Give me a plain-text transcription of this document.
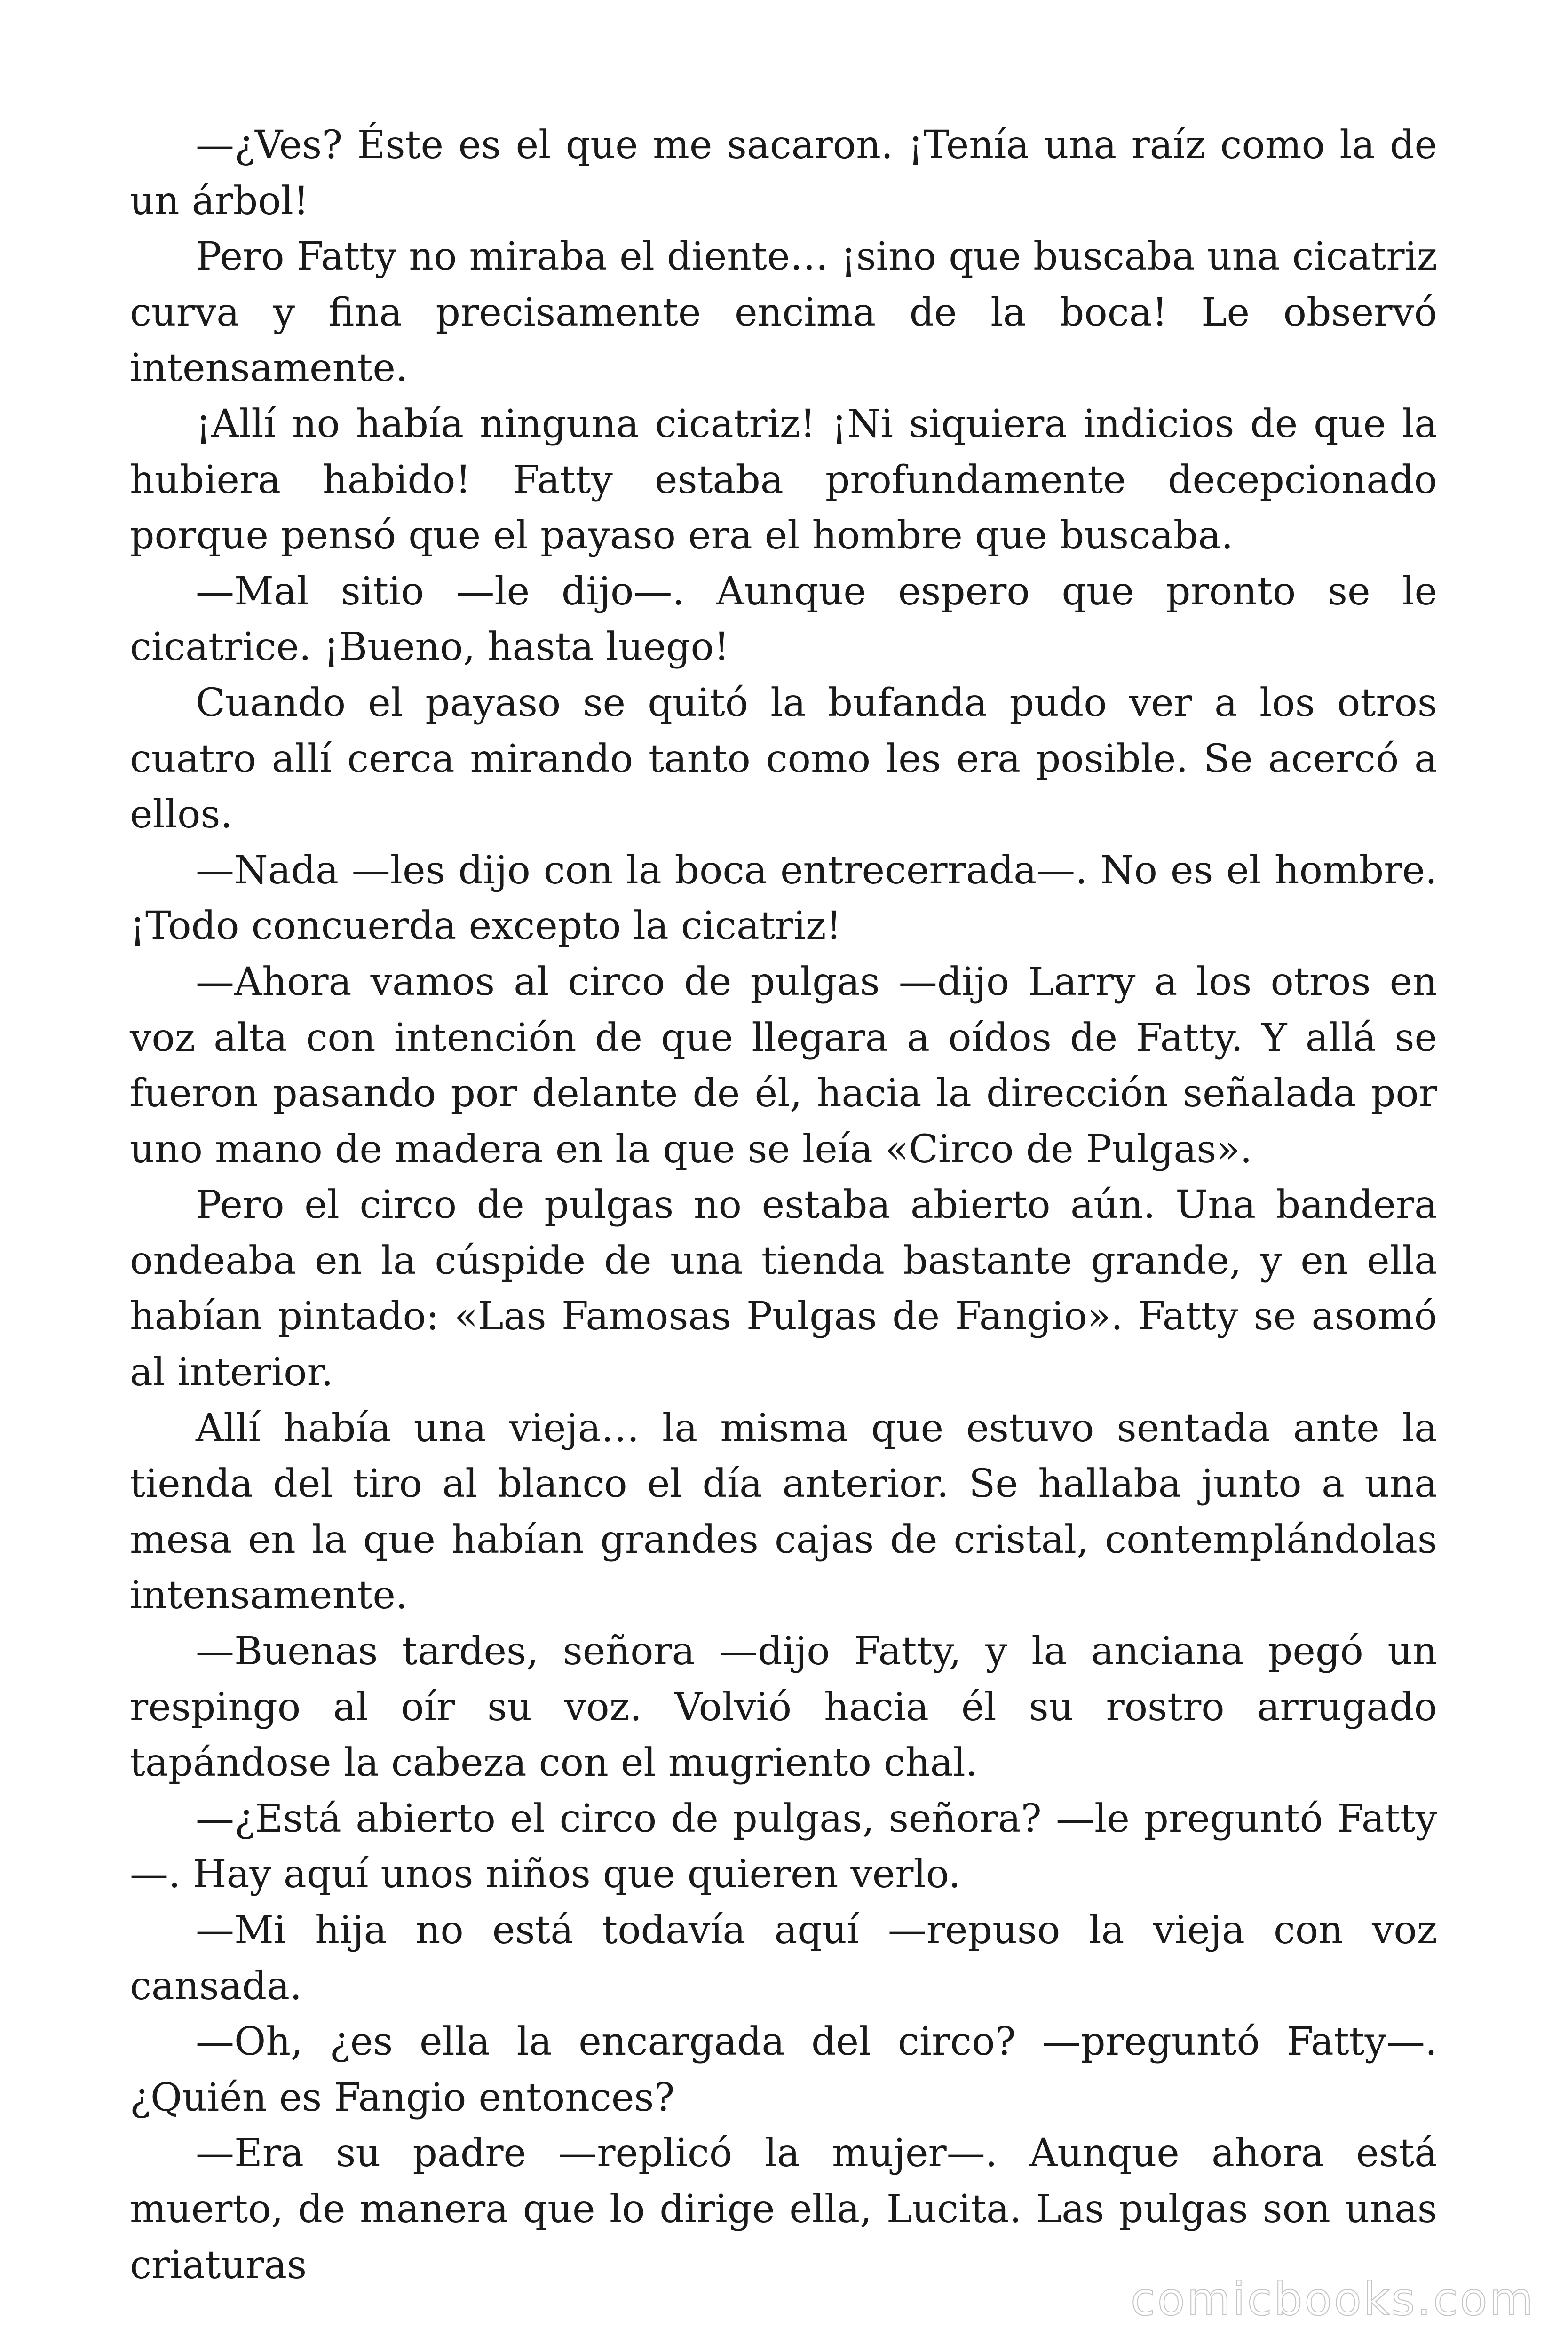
—¿Ves? Éste es el que me sacaron. ¡Tenía una raíz como la de un árbol!

Pero Fatty no miraba el diente… ¡sino que buscaba una cicatriz curva y fina precisamente encima de la boca! Le observó intensamente.

¡Allí no había ninguna cicatriz! ¡Ni siquiera indicios de que la hubiera habido! Fatty estaba profundamente decepcionado porque pensó que el payaso era el hombre que buscaba.

—Mal sitio —le dijo—. Aunque espero que pronto se le cicatrice. ¡Bueno, hasta luego!

Cuando el payaso se quitó la bufanda pudo ver a los otros cuatro allí cerca mirando tanto como les era posible. Se acercó a ellos.

—Nada —les dijo con la boca entrecerrada—. No es el hombre. ¡Todo concuerda excepto la cicatriz!

—Ahora vamos al circo de pulgas —dijo Larry a los otros en voz alta con intención de que llegara a oídos de Fatty. Y allá se fueron pasando por delante de él, hacia la dirección señalada por uno mano de madera en la que se leía «Circo de Pulgas».

Pero el circo de pulgas no estaba abierto aún. Una bandera ondeaba en la cúspide de una tienda bastante grande, y en ella habían pintado: «Las Famosas Pulgas de Fangio». Fatty se asomó al interior.

Allí había una vieja… la misma que estuvo sentada ante la tienda del tiro al blanco el día anterior. Se hallaba junto a una mesa en la que habían grandes cajas de cristal, contemplándolas intensamente.

—Buenas tardes, señora —dijo Fatty, y la anciana pegó un respingo al oír su voz. Volvió hacia él su rostro arrugado tapándose la cabeza con el mugriento chal.

—¿Está abierto el circo de pulgas, señora? —le preguntó Fatty —. Hay aquí unos niños que quieren verlo.

—Mi hija no está todavía aquí —repuso la vieja con voz cansada.

—Oh, ¿es ella la encargada del circo? —preguntó Fatty—. ¿Quién es Fangio entonces?

—Era su padre —replicó la mujer—. Aunque ahora está muerto, de manera que lo dirige ella, Lucita. Las pulgas son unas criaturas

comicbooks.com
